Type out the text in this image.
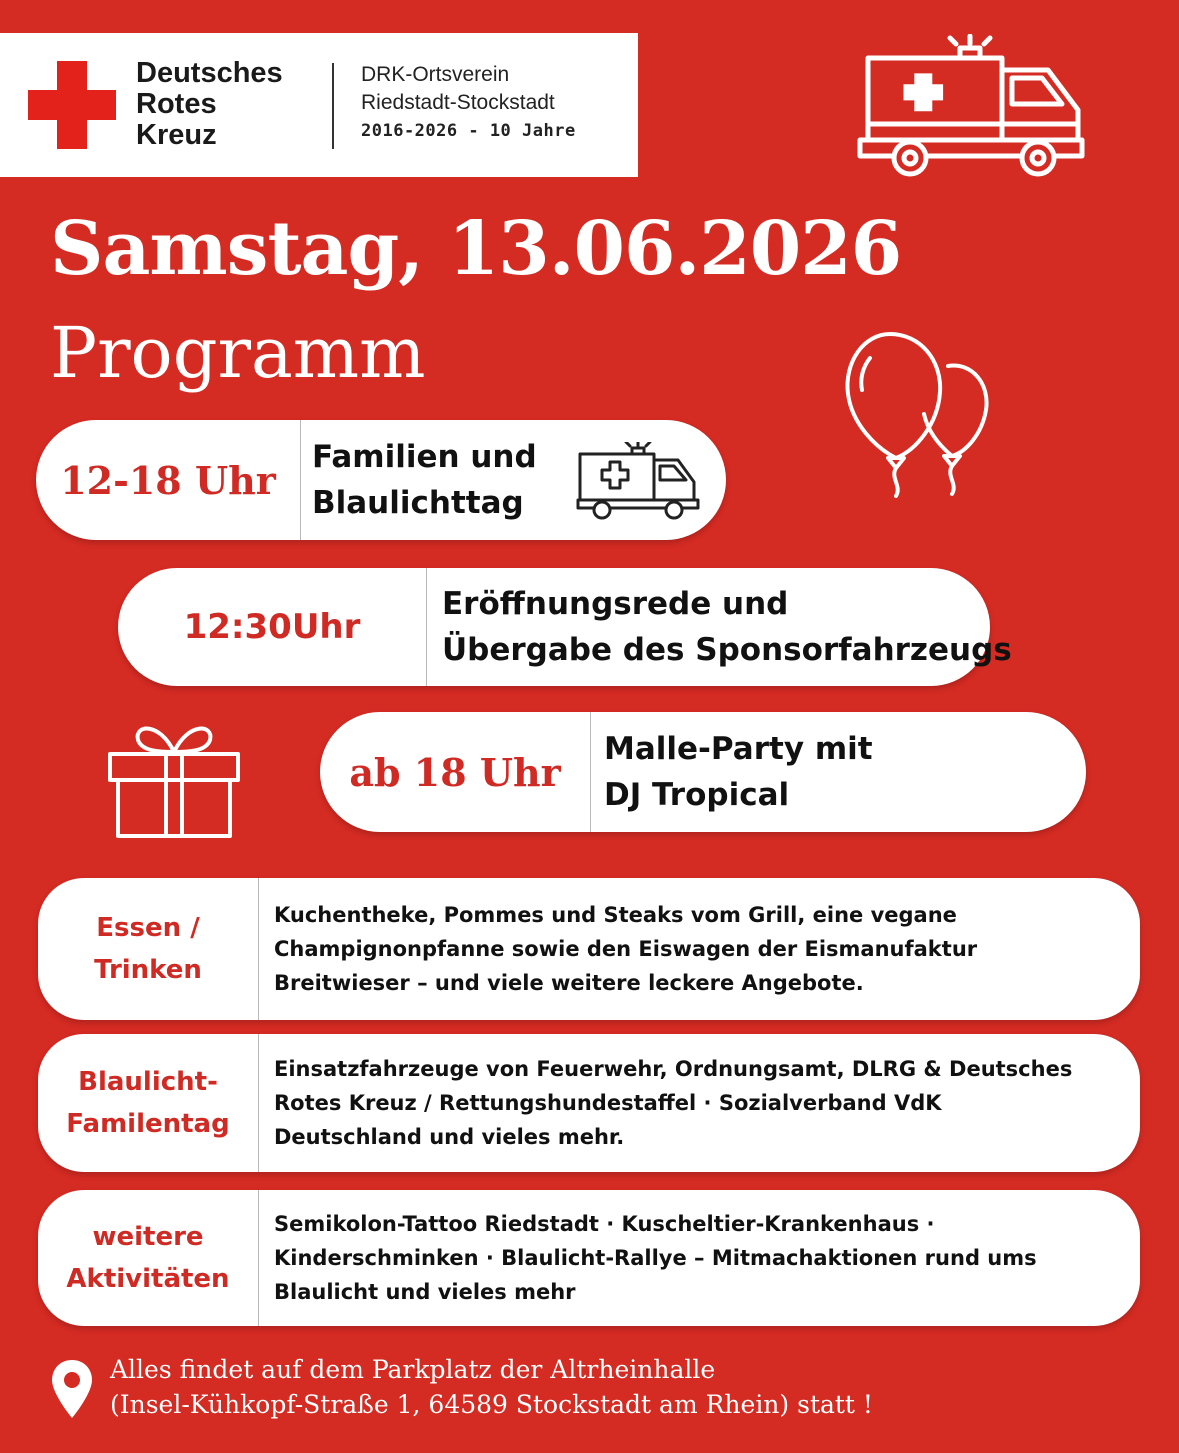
Deutsches
Rotes
Kreuz
DRK-Ortsverein
Riedstadt-Stockstadt
2016-2026 - 10 Jahre
Samstag, 13.06.2026
Programm
12-18 Uhr
Familien und
Blaulichttag
12:30Uhr
Eröffnungsrede und
Übergabe des Sponsorfahrzeugs
ab 18 Uhr
Malle-Party mit
DJ Tropical
Essen /
Trinken
Kuchentheke, Pommes und Steaks vom Grill, eine vegane
Champignonpfanne sowie den Eiswagen der Eismanufaktur
Breitwieser – und viele weitere leckere Angebote.
Blaulicht-
Familentag
Einsatzfahrzeuge von Feuerwehr, Ordnungsamt, DLRG & Deutsches
Rotes Kreuz / Rettungshundestaffel · Sozialverband VdK
Deutschland und vieles mehr.
weitere
Aktivitäten
Semikolon-Tattoo Riedstadt · Kuscheltier-Krankenhaus ·
Kinderschminken · Blaulicht-Rallye – Mitmachaktionen rund ums
Blaulicht und vieles mehr
Alles findet auf dem Parkplatz der Altrheinhalle
(Insel-Kühkopf-Straße 1, 64589 Stockstadt am Rhein) statt !
